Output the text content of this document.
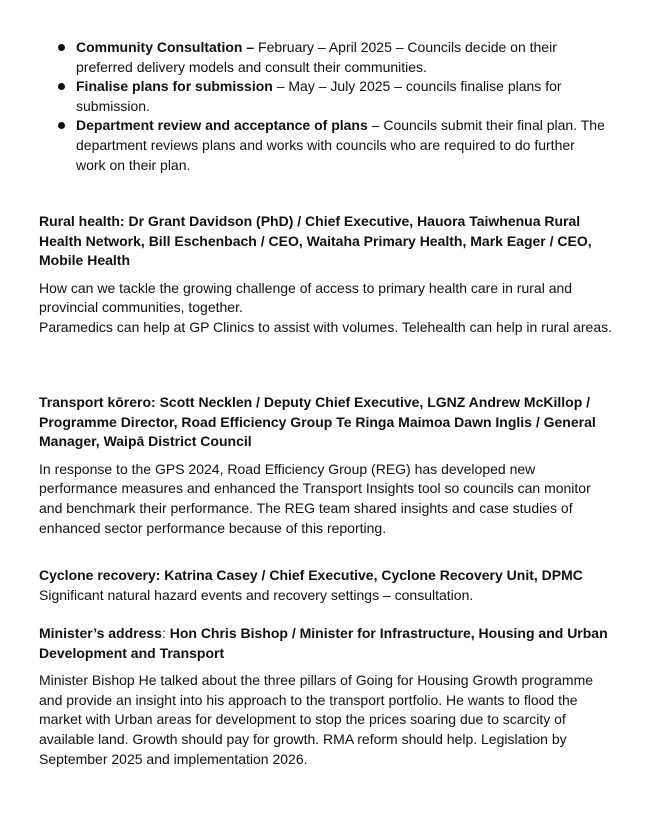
Community Consultation – February – April 2025 – Councils decide on their preferred delivery models and consult their communities.
Finalise plans for submission – May – July 2025 – councils finalise plans for submission.
Department review and acceptance of plans – Councils submit their final plan. The department reviews plans and works with councils who are required to do further work on their plan.

Rural health: Dr Grant Davidson (PhD) / Chief Executive, Hauora Taiwhenua Rural Health Network, Bill Eschenbach / CEO, Waitaha Primary Health, Mark Eager / CEO, Mobile Health

How can we tackle the growing challenge of access to primary health care in rural and provincial communities, together.

Paramedics can help at GP Clinics to assist with volumes. Telehealth can help in rural areas.

Transport kōrero: Scott Necklen / Deputy Chief Executive, LGNZ Andrew McKillop / Programme Director, Road Efficiency Group Te Ringa Maimoa Dawn Inglis / General Manager, Waipā District Council

In response to the GPS 2024, Road Efficiency Group (REG) has developed new performance measures and enhanced the Transport Insights tool so councils can monitor and benchmark their performance. The REG team shared insights and case studies of enhanced sector performance because of this reporting.

Cyclone recovery: Katrina Casey / Chief Executive, Cyclone Recovery Unit, DPMC

Significant natural hazard events and recovery settings – consultation.

Minister’s address: Hon Chris Bishop / Minister for Infrastructure, Housing and Urban Development and Transport

Minister Bishop He talked about the three pillars of Going for Housing Growth programme and provide an insight into his approach to the transport portfolio. He wants to flood the market with Urban areas for development to stop the prices soaring due to scarcity of available land. Growth should pay for growth. RMA reform should help. Legislation by September 2025 and implementation 2026.
